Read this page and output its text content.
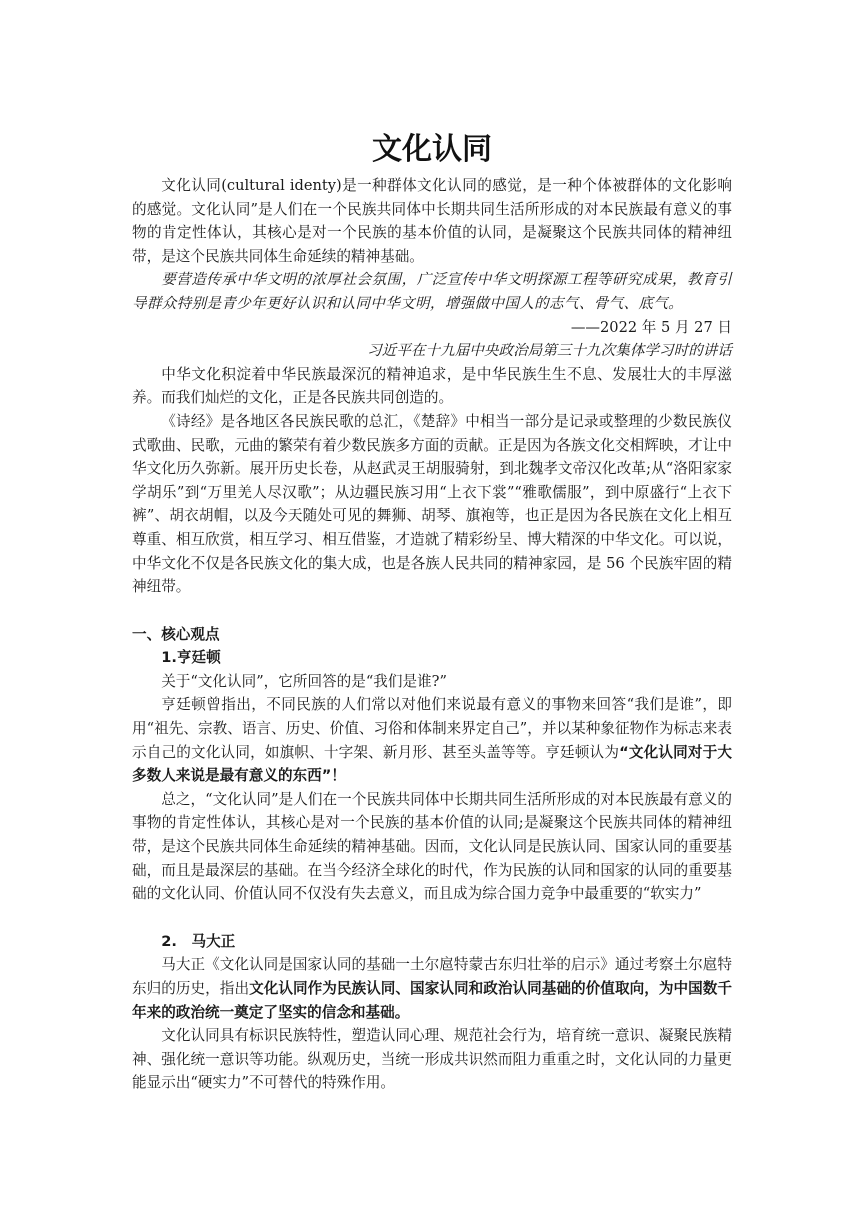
文化认同

文化认同(cultural identy)是一种群体文化认同的感觉，是一种个体被群体的文化影响的感觉。文化认同”是人们在一个民族共同体中长期共同生活所形成的对本民族最有意义的事物的肯定性体认，其核心是对一个民族的基本价值的认同，是凝聚这个民族共同体的精神纽带，是这个民族共同体生命延续的精神基础。

要营造传承中华文明的浓厚社会氛围，广泛宣传中华文明探源工程等研究成果，教育引导群众特别是青少年更好认识和认同中华文明，增强做中国人的志气、骨气、底气。

——2022 年 5 月 27 日

习近平在十九届中央政治局第三十九次集体学习时的讲话

中华文化积淀着中华民族最深沉的精神追求，是中华民族生生不息、发展壮大的丰厚滋养。而我们灿烂的文化，正是各民族共同创造的。

《诗经》是各地区各民族民歌的总汇，《楚辞》中相当一部分是记录或整理的少数民族仪式歌曲、民歌，元曲的繁荣有着少数民族多方面的贡献。正是因为各族文化交相辉映，才让中华文化历久弥新。展开历史长卷，从赵武灵王胡服骑射，到北魏孝文帝汉化改革;从“洛阳家家学胡乐”到“万里羌人尽汉歌”；从边疆民族习用“上衣下裳”“雅歌儒服”，到中原盛行“上衣下裤”、胡衣胡帽，以及今天随处可见的舞狮、胡琴、旗袍等，也正是因为各民族在文化上相互尊重、相互欣赏，相互学习、相互借鉴，才造就了精彩纷呈、博大精深的中华文化。可以说，中华文化不仅是各民族文化的集大成，也是各族人民共同的精神家园，是 56 个民族牢固的精神纽带。

一、核心观点
1.亨廷顿

关于“文化认同”，它所回答的是“我们是谁?”

亨廷顿曾指出，不同民族的人们常以对他们来说最有意义的事物来回答“我们是谁”，即用“祖先、宗教、语言、历史、价值、习俗和体制来界定自己”，并以某种象征物作为标志来表示自己的文化认同，如旗帜、十字架、新月形、甚至头盖等等。亨廷顿认为“文化认同对于大多数人来说是最有意义的东西”！

总之，“文化认同”是人们在一个民族共同体中长期共同生活所形成的对本民族最有意义的事物的肯定性体认，其核心是对一个民族的基本价值的认同;是凝聚这个民族共同体的精神纽带，是这个民族共同体生命延续的精神基础。因而，文化认同是民族认同、国家认同的重要基础，而且是最深层的基础。在当今经济全球化的时代，作为民族的认同和国家的认同的重要基础的文化认同、价值认同不仅没有失去意义，而且成为综合国力竞争中最重要的“软实力”

2.　马大正

马大正《文化认同是国家认同的基础一土尔扈特蒙古东归壮举的启示》通过考察土尔扈特东归的历史，指出文化认同作为民族认同、国家认同和政治认同基础的价值取向，为中国数千年来的政治统一奠定了坚实的信念和基础。

文化认同具有标识民族特性，塑造认同心理、规范社会行为，培育统一意识、凝聚民族精神、强化统一意识等功能。纵观历史，当统一形成共识然而阻力重重之时，文化认同的力量更能显示出“硬实力”不可替代的特殊作用。
